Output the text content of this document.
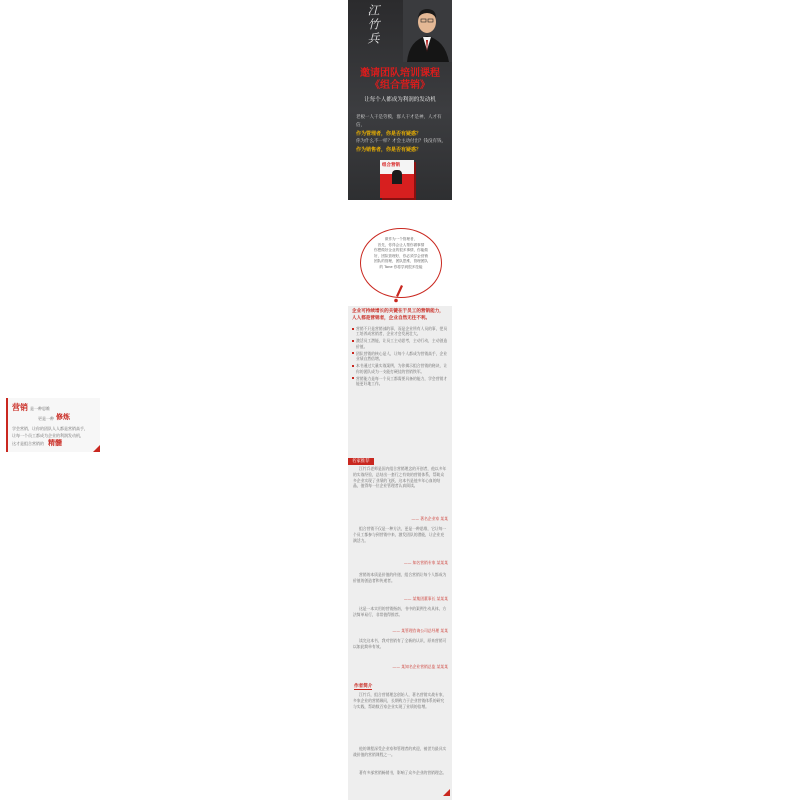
江竹兵
邀请团队培训课程
《组合营销》
让每个人都成为利润的发动机
老板一人干是劳模，群人干才是神，人才有信，
作为管理者，你是否有疑惑？
你为什么不一样？才会主动付出？钱没有钱，
作为销售者，你是否有疑惑？
组合营销
做作为一个管理者，
首先，你得会让人帮你做事情
你想做好企业的很多事情，你能做
好，团队管理好，你必须学会营销
团队的管理，团队思维，管理团队
的 Tone 你将学到很多技能
企业可持续增长的关键在于员工的营销能力，人人都是营销者，企业自然无往不利。
营销不只是营销部的事，而是企业所有人员的事，把员工培养成营销者，企业才会发展壮大。
激活员工潜能，让员工主动思考，主动行动，主动创造价值。
团队营销的核心是人，让每个人都成为营销高手，企业业绩自然倍增。
本书通过大量实战案例，为你揭示组合营销的秘诀，让你的团队成为一支能打硬仗的营销铁军。
营销能力是每一个员工都需要具备的能力，学会营销才能更好地工作。
营销 是一种思维
更是一种 修炼
学会营销，让你的团队人人都是营销高手，
让每一个员工都成为企业的利润发动机，
这才是组合营销的 精髓
名家推荐
江竹兵老师是国内组合营销理念的开创者，他以多年的实战经验，总结出一套行之有效的营销体系，帮助众多企业实现了业绩的飞跃，这本书是他多年心血的结晶，值得每一位企业管理者认真阅读。
—— 著名企业家 某某
组合营销不仅是一种方法，更是一种思维，它让每一个员工都参与到营销中来，激发团队的潜能，让企业充满活力。
—— 知名营销专家 某某某
营销的本质是价值的传递，组合营销让每个人都成为价值的创造者和传递者。
—— 某集团董事长 某某某
这是一本实用的营销指南，书中的案例生动具体，方法简单易行，非常值得推荐。
—— 某管理咨询公司总经理 某某
读完这本书，我对营销有了全新的认识，原来营销可以如此简单有效。
—— 某知名企业营销总监 某某某
作者简介
江竹兵，组合营销理念创始人，著名营销实战专家，多家企业的营销顾问，长期致力于企业营销体系的研究与实践，帮助数百家企业实现了业绩的倍增。
他的课程深受企业家和管理者的欢迎，被誉为最具实战价值的营销课程之一。
著有多部营销畅销书，影响了众多企业的营销理念。
